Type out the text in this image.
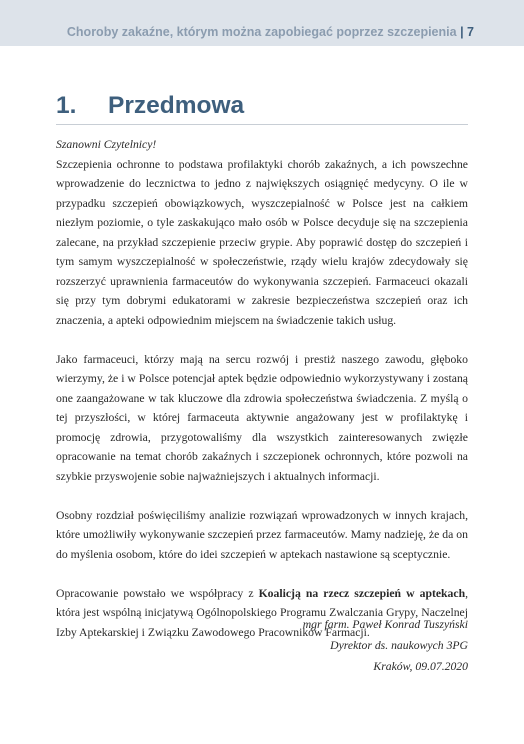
Choroby zakaźne, którym można zapobiegać poprzez szczepienia | 7
1. Przedmowa

Szanowni Czytelnicy!

Szczepienia ochronne to podstawa profilaktyki chorób zakaźnych, a ich powszechne wprowadzenie do lecznictwa to jedno z największych osiągnięć medycyny. O ile w przypadku szczepień obowiązkowych, wyszczepialność w Polsce jest na całkiem niezłym poziomie, o tyle zaskakująco mało osób w Polsce decyduje się na szczepienia zalecane, na przykład szczepienie przeciw grypie. Aby poprawić dostęp do szczepień i tym samym wyszczepialność w społeczeństwie, rządy wielu krajów zdecydowały się rozszerzyć uprawnienia farmaceutów do wykonywania szczepień. Farmaceuci okazali się przy tym dobrymi edukatorami w zakresie bezpieczeństwa szczepień oraz ich znaczenia, a apteki odpowiednim miejscem na świadczenie takich usług.

Jako farmaceuci, którzy mają na sercu rozwój i prestiż naszego zawodu, głęboko wierzymy, że i w Polsce potencjał aptek będzie odpowiednio wykorzystywany i zostaną one zaangażowane w tak kluczowe dla zdrowia społeczeństwa świadczenia. Z myślą o tej przyszłości, w której farmaceuta aktywnie angażowany jest w profilaktykę i promocję zdrowia, przygotowaliśmy dla wszystkich zainteresowanych zwięzłe opracowanie na temat chorób zakaźnych i szczepionek ochronnych, które pozwoli na szybkie przyswojenie sobie najważniejszych i aktualnych informacji.

Osobny rozdział poświęciliśmy analizie rozwiązań wprowadzonych w innych krajach, które umożliwiły wykonywanie szczepień przez farmaceutów. Mamy nadzieję, że da on do myślenia osobom, które do idei szczepień w aptekach nastawione są sceptycznie.

Opracowanie powstało we współpracy z Koalicją na rzecz szczepień w aptekach, która jest wspólną inicjatywą Ogólnopolskiego Programu Zwalczania Grypy, Naczelnej Izby Aptekarskiej i Związku Zawodowego Pracowników Farmacji.

mgr farm. Paweł Konrad Tuszyński
Dyrektor ds. naukowych 3PG
Kraków, 09.07.2020
